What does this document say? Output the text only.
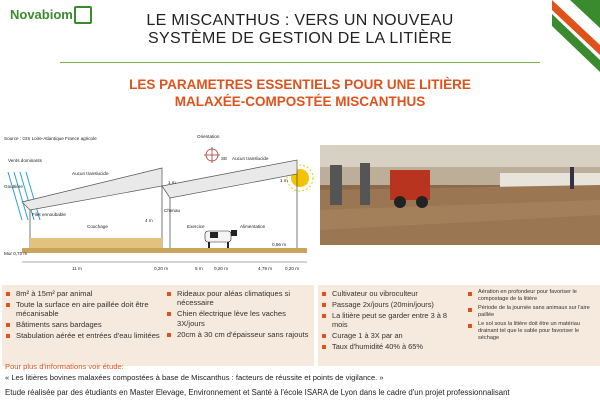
Novabiom	LE MISCANTHUS : VERS UN NOUVEAU
SYSTÈME DE GESTION DE LA LITIÈRE
LES PARAMETRES ESSENTIELS POUR UNE LITIÈRE
MALAXÉE-COMPOSTÉE MISCANTHUS
Source : GIS Loire-Atlantique France agricole	Orientation
SE
Vents dominants
Gouttière
Aucun translucide
Aucun translucide
1 m	1 m
Filet ennoubable
Couchage
4 m
Chenau
Exercice	Alimentation
Mur 0,70 m
0,56 m
11 m	0,20 m	5 m 0,20 m	4,79 m	0,20 m
8m² à 15m² par animal
Toute la surface en aire paillée doit être mécanisable
Bâtiments sans bardages
Stabulation aérée et entrées d'eau limitées
Rideaux pour aléas climatiques si nécessaire
Chien électrique lève les vaches 3X/jours
20cm à 30 cm d'épaisseur sans rajouts
Cultivateur ou vibroculteur
Passage 2x/jours (20min/jours)
La litière peut se garder entre 3 à 8 mois
Curage 1 à 3X par an
Taux d'humidité 40% à 65%
Aération en profondeur pour favoriser le compostage de la litière
Période de la journée sans animaux sur l'aire paillée
Le sol sous la litière doit être un matériau drainant tel que le sable pour favoriser le séchage
Pour plus d'informations voir étude:
« Les litières bovines malaxées compostées à base de Miscanthus : facteurs de réussite et points de vigilance. »
Etude réalisée par des étudiants en Master Elevage, Environnement et Santé à l'école ISARA de Lyon dans le cadre d'un projet professionnalisant
